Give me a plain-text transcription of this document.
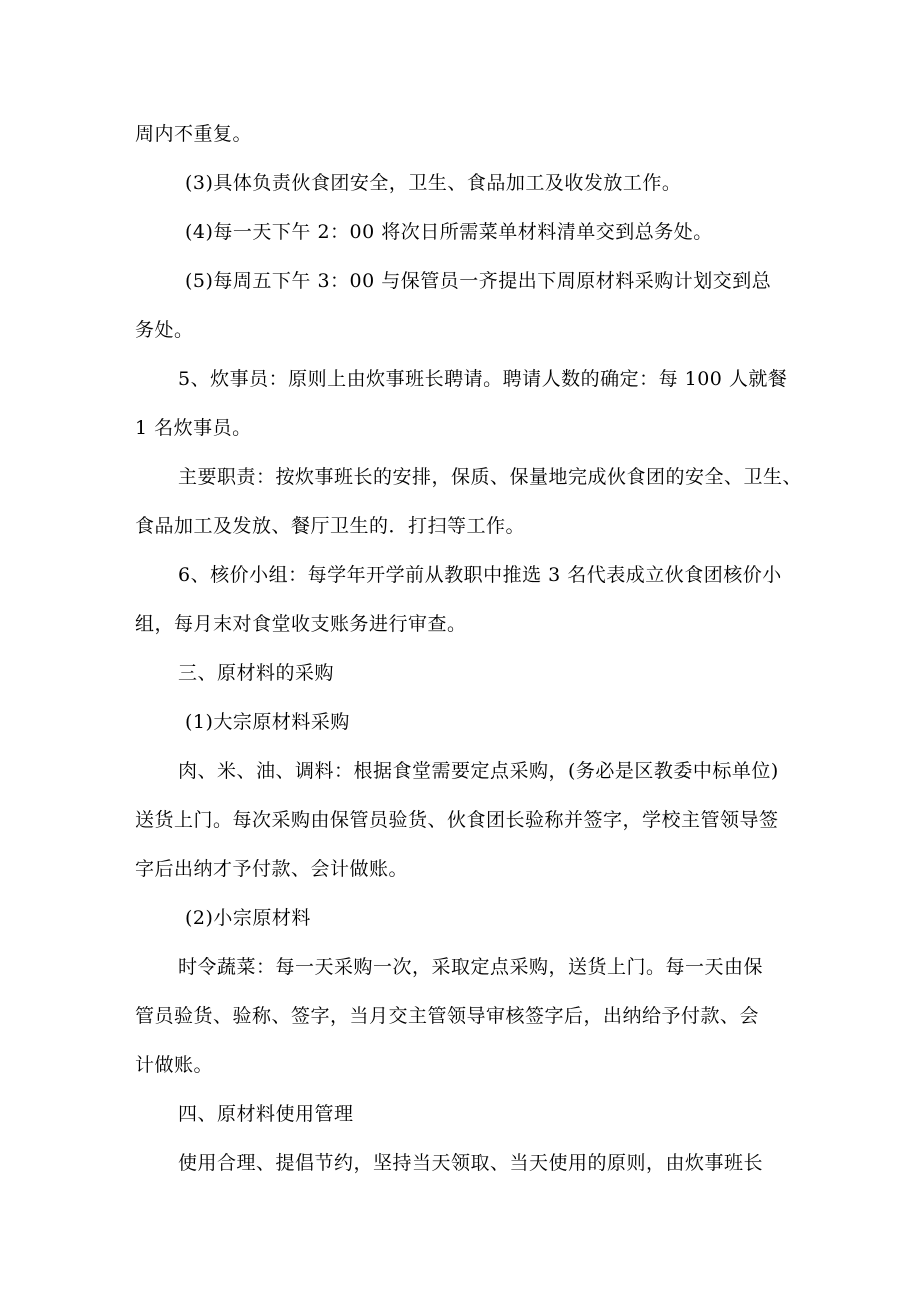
周内不重复。
(3)具体负责伙食团安全，卫生、食品加工及收发放工作。
(4)每一天下午 2：00 将次日所需菜单材料清单交到总务处。
(5)每周五下午 3：00 与保管员一齐提出下周原材料采购计划交到总
务处。
5、炊事员：原则上由炊事班长聘请。聘请人数的确定：每 100 人就餐
1 名炊事员。
主要职责：按炊事班长的安排，保质、保量地完成伙食团的安全、卫生、
食品加工及发放、餐厅卫生的．打扫等工作。
6、核价小组：每学年开学前从教职中推选 3 名代表成立伙食团核价小
组，每月末对食堂收支账务进行审查。
三、原材料的采购
(1)大宗原材料采购
肉、米、油、调料：根据食堂需要定点采购，(务必是区教委中标单位)
送货上门。每次采购由保管员验货、伙食团长验称并签字，学校主管领导签
字后出纳才予付款、会计做账。
(2)小宗原材料
时令蔬菜：每一天采购一次，采取定点采购，送货上门。每一天由保
管员验货、验称、签字，当月交主管领导审核签字后，出纳给予付款、会
计做账。
四、原材料使用管理
使用合理、提倡节约，坚持当天领取、当天使用的原则，由炊事班长
